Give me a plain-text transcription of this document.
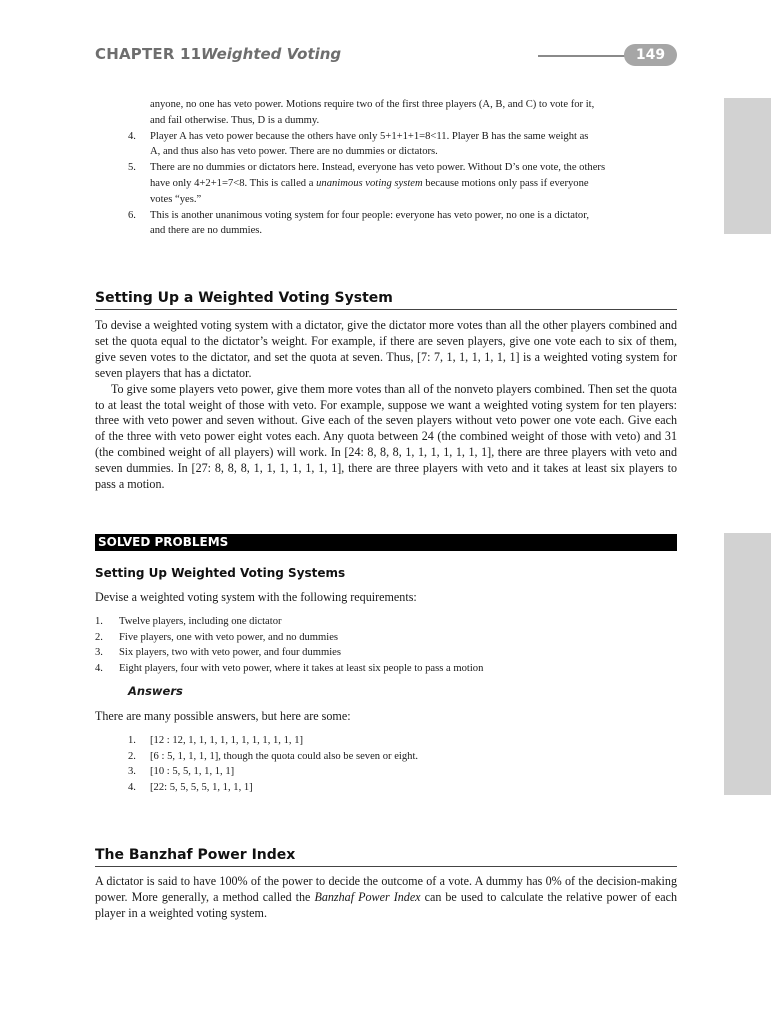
CHAPTER 11 Weighted Voting	149

anyone, no one has veto power. Motions require two of the first three players (A, B, and C) to vote for it,

and fail otherwise. Thus, D is a dummy.

4.	Player A has veto power because the others have only 5+1+1+1=8<11. Player B has the same weight as
A, and thus also has veto power. There are no dummies or dictators.
5.	There are no dummies or dictators here. Instead, everyone has veto power. Without D’s one vote, the others
have only 4+2+1=7<8. This is called a unanimous voting system because motions only pass if everyone
votes “yes.”
6.	This is another unanimous voting system for four people: everyone has veto power, no one is a dictator,
and there are no dummies.
Setting Up a Weighted Voting System

To devise a weighted voting system with a dictator, give the dictator more votes than all the other players combined and set the quota equal to the dictator’s weight. For example, if there are seven players, give one vote each to six of them, give seven votes to the dictator, and set the quota at seven. Thus, [7: 7, 1, 1, 1, 1, 1, 1] is a weighted voting system for seven players that has a dictator.

To give some players veto power, give them more votes than all of the nonveto players combined. Then set the quota to at least the total weight of those with veto. For example, suppose we want a weighted voting system for ten players: three with veto power and seven without. Give each of the seven players without veto power one vote each. Give each of the three with veto power eight votes each. Any quota between 24 (the combined weight of those with veto) and 31 (the combined weight of all players) will work. In [24: 8, 8, 8, 1, 1, 1, 1, 1, 1, 1], there are three players with veto and seven dummies. In [27: 8, 8, 8, 1, 1, 1, 1, 1, 1, 1], there are three players with veto and it takes at least six players to pass a motion.

SOLVED PROBLEMS
Setting Up Weighted Voting Systems
Devise a weighted voting system with the following requirements:
1.	Twelve players, including one dictator
2.	Five players, one with veto power, and no dummies
3.	Six players, two with veto power, and four dummies
4.	Eight players, four with veto power, where it takes at least six people to pass a motion
Answers
There are many possible answers, but here are some:
1.	[12 : 12, 1, 1, 1, 1, 1, 1, 1, 1, 1, 1, 1]
2.	[6 : 5, 1, 1, 1, 1], though the quota could also be seven or eight.
3.	[10 : 5, 5, 1, 1, 1, 1]
4.	[22: 5, 5, 5, 5, 1, 1, 1, 1]
The Banzhaf Power Index

A dictator is said to have 100% of the power to decide the outcome of a vote. A dummy has 0% of the decision-making power. More generally, a method called the Banzhaf Power Index can be used to calculate the relative power of each player in a weighted voting system.
